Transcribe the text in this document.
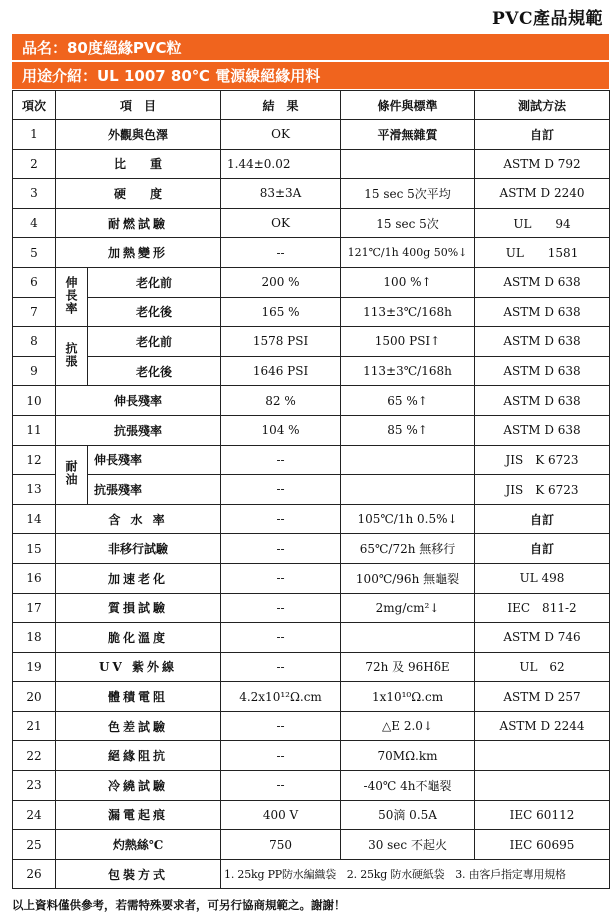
PVC產品規範
品名：80度絕緣PVC粒
用途介紹：UL 1007 80℃ 電源線絕緣用料
項次	項　目		結　果	條件與標準	測試方法
1	外觀與色澤		OK	平滑無雜質	自訂
2	比　　重		1.44±0.02		ASTM D 792
3	硬　　度		83±3A	15 sec 5次平均	ASTM D 2240
4	耐燃試驗		OK	15 sec 5次	UL　　94
5	加熱變形		--	121℃/1h 400g 50%↓	UL　　1581
6	伸長率	老化前	200 %	100 %↑	ASTM D 638
7		老化後	165 %	113±3℃/168h	ASTM D 638
8	抗張	老化前	1578 PSI	1500 PSI↑	ASTM D 638
9		老化後	1646 PSI	113±3℃/168h	ASTM D 638
10	伸長殘率		82 %	65 %↑	ASTM D 638
11	抗張殘率		104 %	85 %↑	ASTM D 638
12	耐油	伸長殘率	--		JIS　K 6723
13		抗張殘率	--		JIS　K 6723
14	含 水 率		--	105℃/1h 0.5%↓	自訂
15	非移行試驗		--	65℃/72h 無移行	自訂
16	加速老化		--	100℃/96h 無龜裂	UL 498
17	質損試驗		--	2mg/cm²↓	IEC　811-2
18	脆化溫度		--		ASTM D 746
19	UV 紫外線		--	72h 及 96HδE	UL　62
20	體積電阻		4.2x10¹²Ω.cm	1x10¹⁰Ω.cm	ASTM D 257
21	色差試驗		--	△E 2.0↓	ASTM D 2244
22	絕緣阻抗		--	70MΩ.km	
23	冷繞試驗		--	-40℃ 4h不龜裂	
24	漏電起痕		400 V	50滴 0.5A	IEC 60112
25	灼熱絲℃		750	30 sec 不起火	IEC 60695
26	包裝方式		1. 25kg PP防水編織袋　2. 25kg 防水硬紙袋　3. 由客戶指定專用規格		
以上資料僅供參考，若需特殊要求者，可另行協商規範之。謝謝！
